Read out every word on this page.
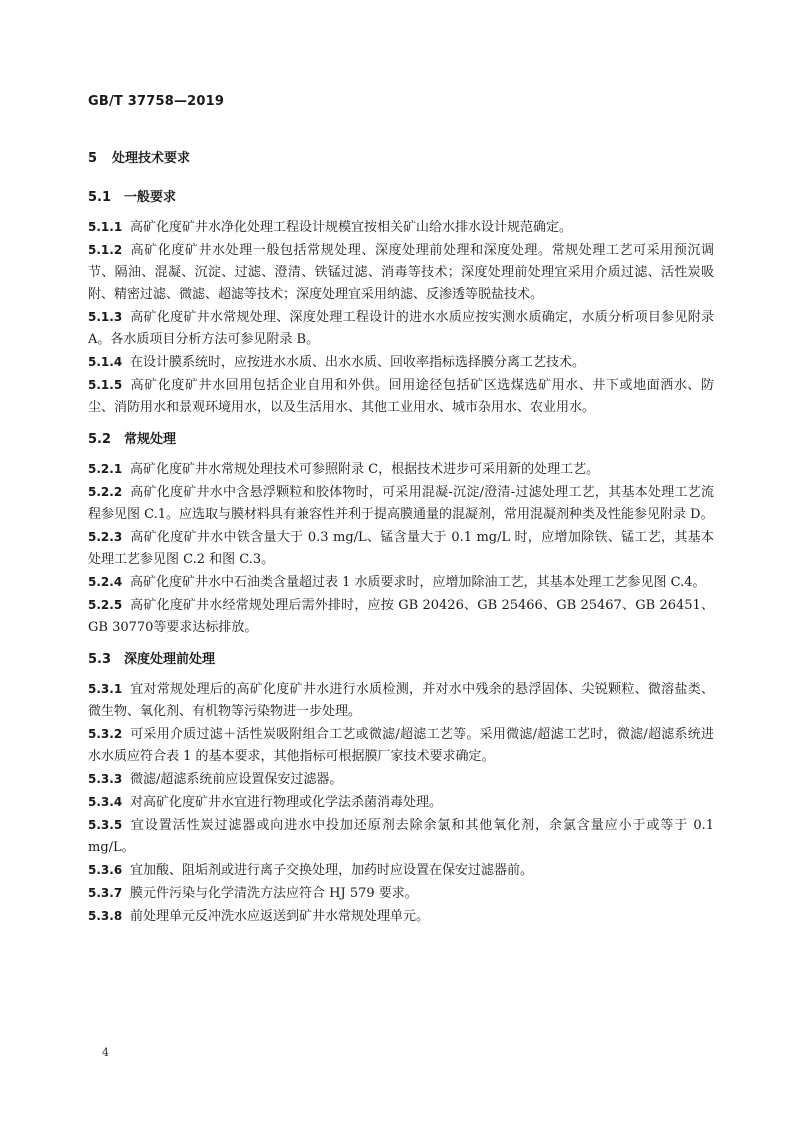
GB/T 37758—2019
5 处理技术要求
5.1 一般要求

5.1.1 高矿化度矿井水净化处理工程设计规模宜按相关矿山给水排水设计规范确定。

5.1.2 高矿化度矿井水处理一般包括常规处理、深度处理前处理和深度处理。常规处理工艺可采用预沉调节、隔油、混凝、沉淀、过滤、澄清、铁锰过滤、消毒等技术；深度处理前处理宜采用介质过滤、活性炭吸附、精密过滤、微滤、超滤等技术；深度处理宜采用纳滤、反渗透等脱盐技术。

5.1.3 高矿化度矿井水常规处理、深度处理工程设计的进水水质应按实测水质确定，水质分析项目参见附录 A。各水质项目分析方法可参见附录 B。

5.1.4 在设计膜系统时，应按进水水质、出水水质、回收率指标选择膜分离工艺技术。

5.1.5 高矿化度矿井水回用包括企业自用和外供。回用途径包括矿区选煤选矿用水、井下或地面洒水、防尘、消防用水和景观环境用水，以及生活用水、其他工业用水、城市杂用水、农业用水。

5.2 常规处理

5.2.1 高矿化度矿井水常规处理技术可参照附录 C，根据技术进步可采用新的处理工艺。

5.2.2 高矿化度矿井水中含悬浮颗粒和胶体物时，可采用混凝-沉淀/澄清-过滤处理工艺，其基本处理工艺流程参见图 C.1。应选取与膜材料具有兼容性并利于提高膜通量的混凝剂，常用混凝剂种类及性能参见附录 D。

5.2.3 高矿化度矿井水中铁含量大于 0.3 mg/L、锰含量大于 0.1 mg/L 时，应增加除铁、锰工艺，其基本处理工艺参见图 C.2 和图 C.3。

5.2.4 高矿化度矿井水中石油类含量超过表 1 水质要求时，应增加除油工艺，其基本处理工艺参见图 C.4。

5.2.5 高矿化度矿井水经常规处理后需外排时，应按 GB 20426、GB 25466、GB 25467、GB 26451、GB 30770等要求达标排放。

5.3 深度处理前处理

5.3.1 宜对常规处理后的高矿化度矿井水进行水质检测，并对水中残余的悬浮固体、尖锐颗粒、微溶盐类、微生物、氧化剂、有机物等污染物进一步处理。

5.3.2 可采用介质过滤＋活性炭吸附组合工艺或微滤/超滤工艺等。采用微滤/超滤工艺时，微滤/超滤系统进水水质应符合表 1 的基本要求，其他指标可根据膜厂家技术要求确定。

5.3.3 微滤/超滤系统前应设置保安过滤器。

5.3.4 对高矿化度矿井水宜进行物理或化学法杀菌消毒处理。

5.3.5 宜设置活性炭过滤器或向进水中投加还原剂去除余氯和其他氧化剂，余氯含量应小于或等于 0.1 mg/L。

5.3.6 宜加酸、阻垢剂或进行离子交换处理，加药时应设置在保安过滤器前。

5.3.7 膜元件污染与化学清洗方法应符合 HJ 579 要求。

5.3.8 前处理单元反冲洗水应返送到矿井水常规处理单元。

4
